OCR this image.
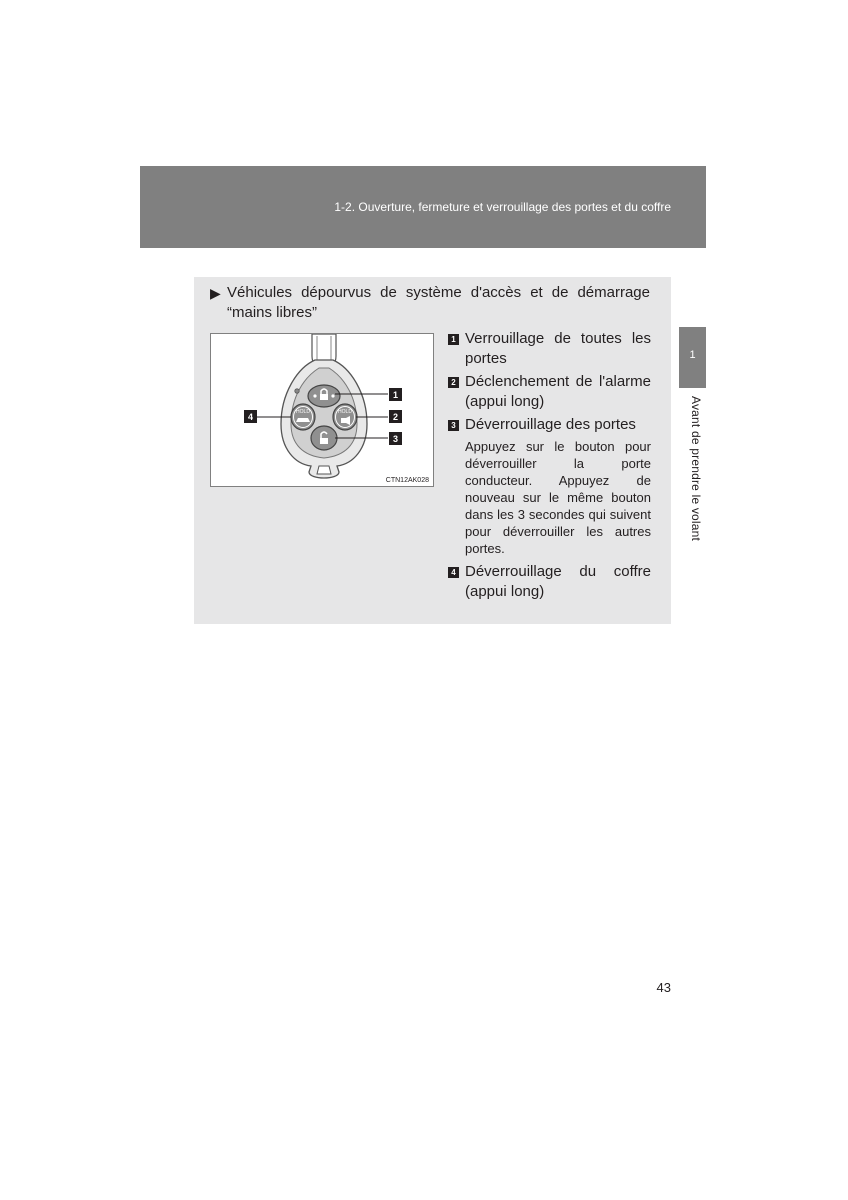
1-2. Ouverture, fermeture et verrouillage des portes et du coffre
1
Avant de prendre le volant
▶ Véhicules dépourvus de système d'accès et de démarrage “mains libres”
HOLD	HOLD
1
2
3
4
CTN12AK028
1 Verrouillage de toutes les portes
2 Déclenchement de l'alarme (appui long)
3 Déverrouillage des portes
Appuyez sur le bouton pour déverrouiller la porte conducteur. Appuyez de nouveau sur le même bouton dans les 3 secondes qui suivent pour déverrouiller les autres portes.
4 Déverrouillage du coffre (appui long)
43
